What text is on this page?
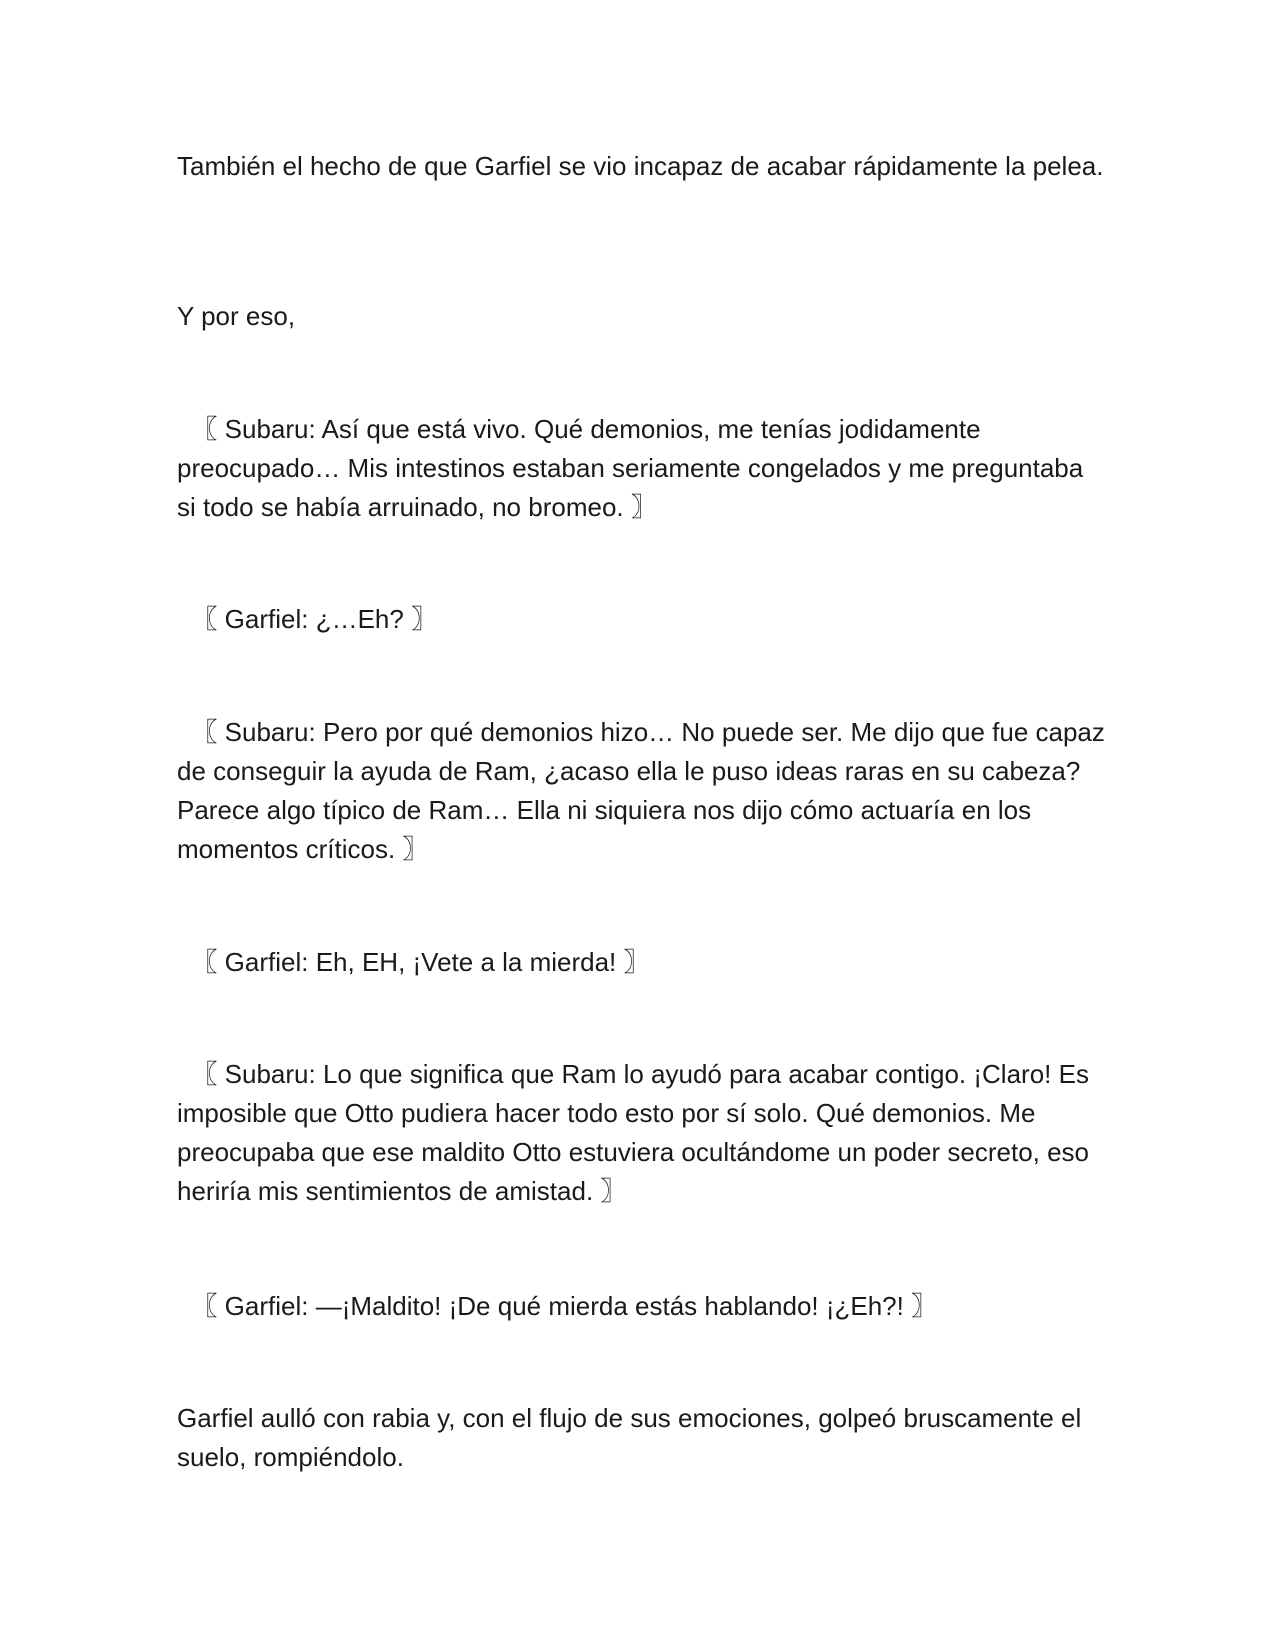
También el hecho de que Garfiel se vio incapaz de acabar rápidamente la pelea.

Y por eso,

〖 Subaru: Así que está vivo. Qué demonios, me tenías jodidamente preocupado… Mis intestinos estaban seriamente congelados y me preguntaba si todo se había arruinado, no bromeo. 〗

〖 Garfiel: ¿…Eh? 〗

〖 Subaru: Pero por qué demonios hizo… No puede ser. Me dijo que fue capaz de conseguir la ayuda de Ram, ¿acaso ella le puso ideas raras en su cabeza? Parece algo típico de Ram… Ella ni siquiera nos dijo cómo actuaría en los momentos críticos. 〗

〖 Garfiel: Eh, EH, ¡Vete a la mierda! 〗

〖 Subaru: Lo que significa que Ram lo ayudó para acabar contigo. ¡Claro! Es imposible que Otto pudiera hacer todo esto por sí solo. Qué demonios. Me preocupaba que ese maldito Otto estuviera ocultándome un poder secreto, eso heriría mis sentimientos de amistad. 〗

〖 Garfiel: —¡Maldito! ¡De qué mierda estás hablando! ¡¿Eh?! 〗

Garfiel aulló con rabia y, con el flujo de sus emociones, golpeó bruscamente el suelo, rompiéndolo.
